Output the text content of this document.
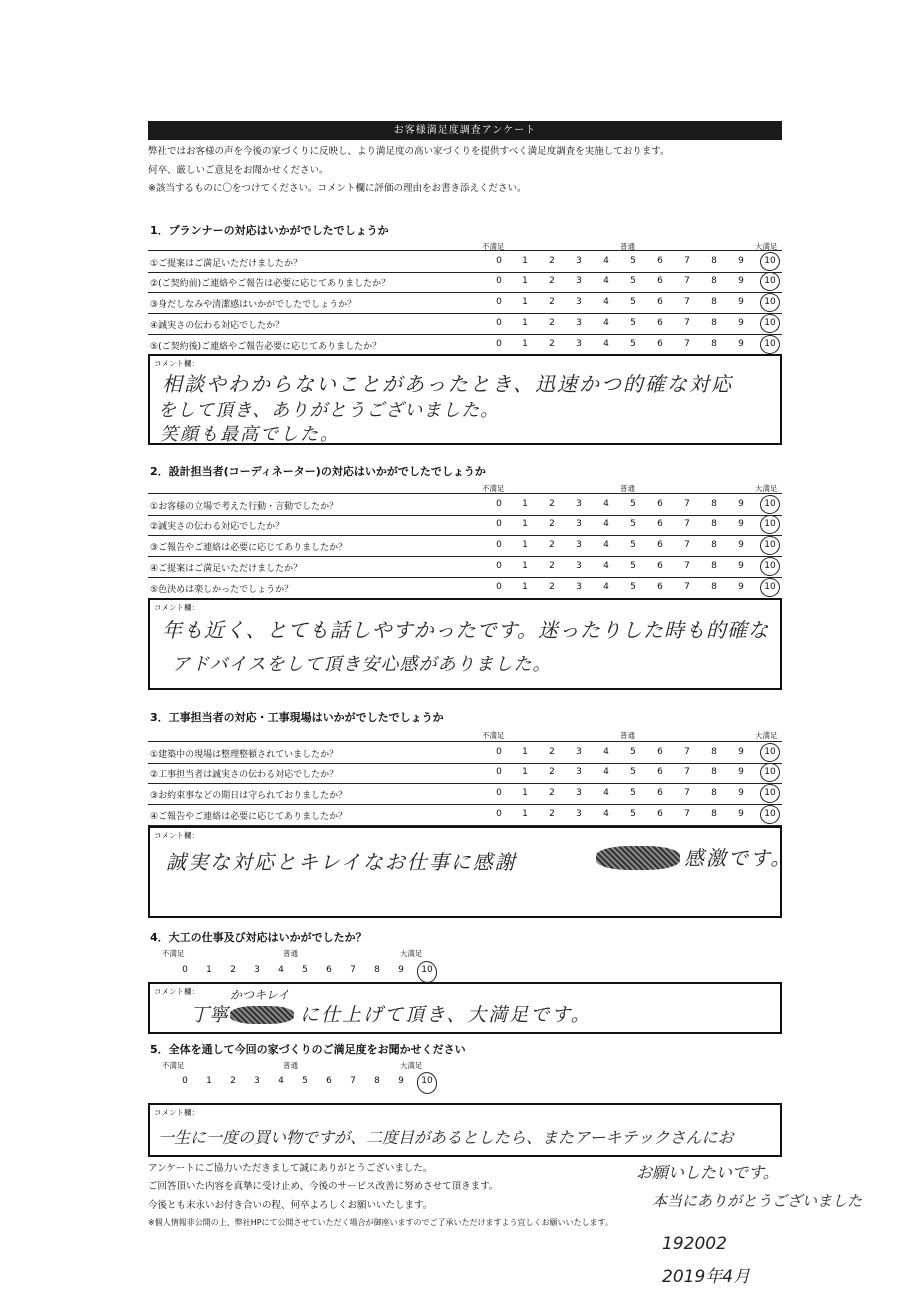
お客様満足度調査アンケート
弊社ではお客様の声を今後の家づくりに反映し、より満足度の高い家づくりを提供すべく満足度調査を実施しております。
何卒、厳しいご意見をお聞かせください。
※該当するものに〇をつけてください。コメント欄に評価の理由をお書き添えください。
1．プランナーの対応はいかがでしたでしょうか
不満足	普通	大満足
①ご提案はご満足いただけましたか？	0	1	2	3	4	5	6	7	8	9	10
②(ご契約前)ご連絡やご報告は必要に応じてありましたか？	0	1	2	3	4	5	6	7	8	9	10
③身だしなみや清潔感はいかがでしたでしょうか？	0	1	2	3	4	5	6	7	8	9	10
④誠実さの伝わる対応でしたか？	0	1	2	3	4	5	6	7	8	9	10
⑤(ご契約後)ご連絡やご報告必要に応じてありましたか？	0	1	2	3	4	5	6	7	8	9	10
コメント欄：
相談やわからないことがあったとき、迅速かつ的確な対応
をして頂き、ありがとうございました。
笑顔も最高でした。
2．設計担当者(コーディネーター)の対応はいかがでしたでしょうか
不満足	普通	大満足
①お客様の立場で考えた行動・言動でしたか？	0	1	2	3	4	5	6	7	8	9	10
②誠実さの伝わる対応でしたか？	0	1	2	3	4	5	6	7	8	9	10
③ご報告やご連絡は必要に応じてありましたか？	0	1	2	3	4	5	6	7	8	9	10
④ご提案はご満足いただけましたか？	0	1	2	3	4	5	6	7	8	9	10
⑤色決めは楽しかったでしょうか？	0	1	2	3	4	5	6	7	8	9	10
コメント欄：
年も近く、とても話しやすかったです。迷ったりした時も的確な
アドバイスをして頂き安心感がありました。
3．工事担当者の対応・工事現場はいかがでしたでしょうか
不満足	普通	大満足
①建築中の現場は整理整頓されていましたか？	0	1	2	3	4	5	6	7	8	9	10
②工事担当者は誠実さの伝わる対応でしたか？	0	1	2	3	4	5	6	7	8	9	10
③お約束事などの期日は守られておりましたか？	0	1	2	3	4	5	6	7	8	9	10
④ご報告やご連絡は必要に応じてありましたか？	0	1	2	3	4	5	6	7	8	9	10
コメント欄：
誠実な対応とキレイなお仕事に感謝	感激です。
4．大工の仕事及び対応はいかがでしたか？
不満足	普通	大満足
0	1	2	3	4	5	6	7	8	9	10
コメント欄：
丁寧
かつキレイ
に仕上げて頂き、大満足です。
5．全体を通して今回の家づくりのご満足度をお聞かせください
不満足	普通	大満足
0	1	2	3	4	5	6	7	8	9	10
コメント欄：
一生に一度の買い物ですが、二度目があるとしたら、またアーキテックさんにお
アンケートにご協力いただきまして誠にありがとうございました。
ご回答頂いた内容を真摯に受け止め、今後のサービス改善に努めさせて頂きます。
今後とも末永いお付き合いの程、何卒よろしくお願いいたします。
※個人情報非公開の上、弊社HPにて公開させていただく場合が御座いますのでご了承いただけますよう宜しくお願いいたします。
お願いしたいです。
本当にありがとうございました
192002
2019年4月
